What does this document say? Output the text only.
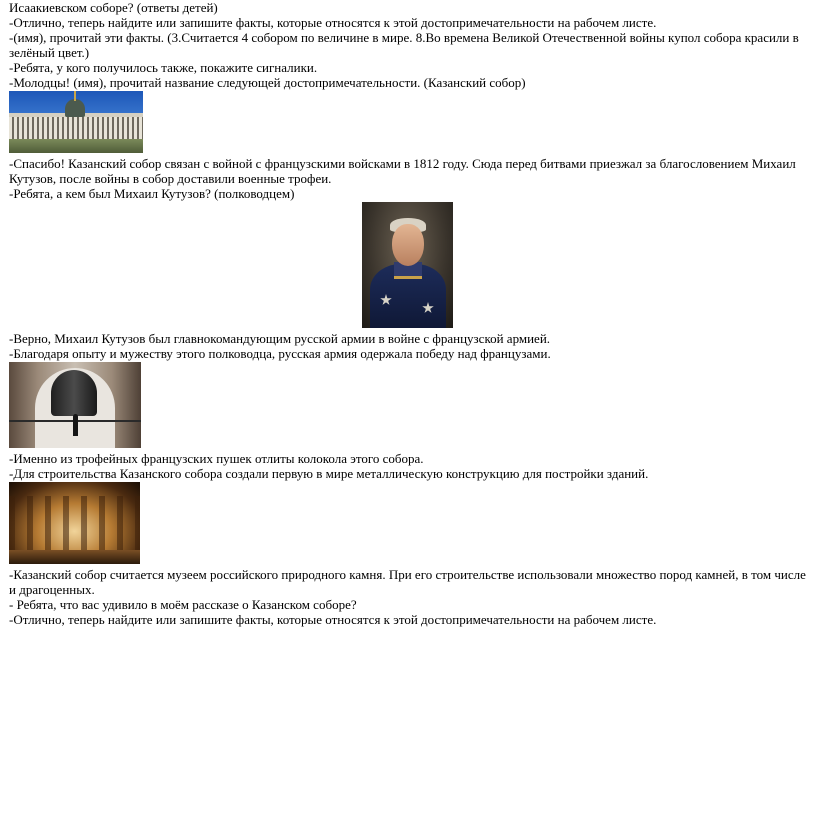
Исаакиевском соборе? (ответы детей)

-Отлично, теперь найдите или запишите факты, которые относятся к этой достопримечательности на рабочем листе.

-(имя), прочитай эти факты. (3.Считается 4 собором по величине в мире. 8.Во времена Великой Отечественной войны купол собора красили в зелёный цвет.)

-Ребята, у кого получилось также, покажите сигналики.

-Молодцы! (имя), прочитай название следующей достопримечательности. (Казанский собор)

-Спасибо! Казанский собор связан с войной с французскими войсками в 1812 году. Сюда перед битвами приезжал за благословением Михаил Кутузов, после войны в собор доставили военные трофеи.

-Ребята, а кем был Михаил Кутузов? (полководцем)

-Верно, Михаил Кутузов был главнокомандующим русской армии в войне с французской армией.

-Благодаря опыту и мужеству этого полководца, русская армия одержала победу над французами.

-Именно из трофейных французских пушек отлиты колокола этого собора.

-Для строительства Казанского собора создали первую в мире металлическую конструкцию для постройки зданий.

-Казанский собор считается музеем российского природного камня. При его строительстве использовали множество пород камней, в том числе и драгоценных.

- Ребята, что вас удивило в моём рассказе о Казанском соборе?

-Отлично, теперь найдите или запишите факты, которые относятся к этой достопримечательности на рабочем листе.
